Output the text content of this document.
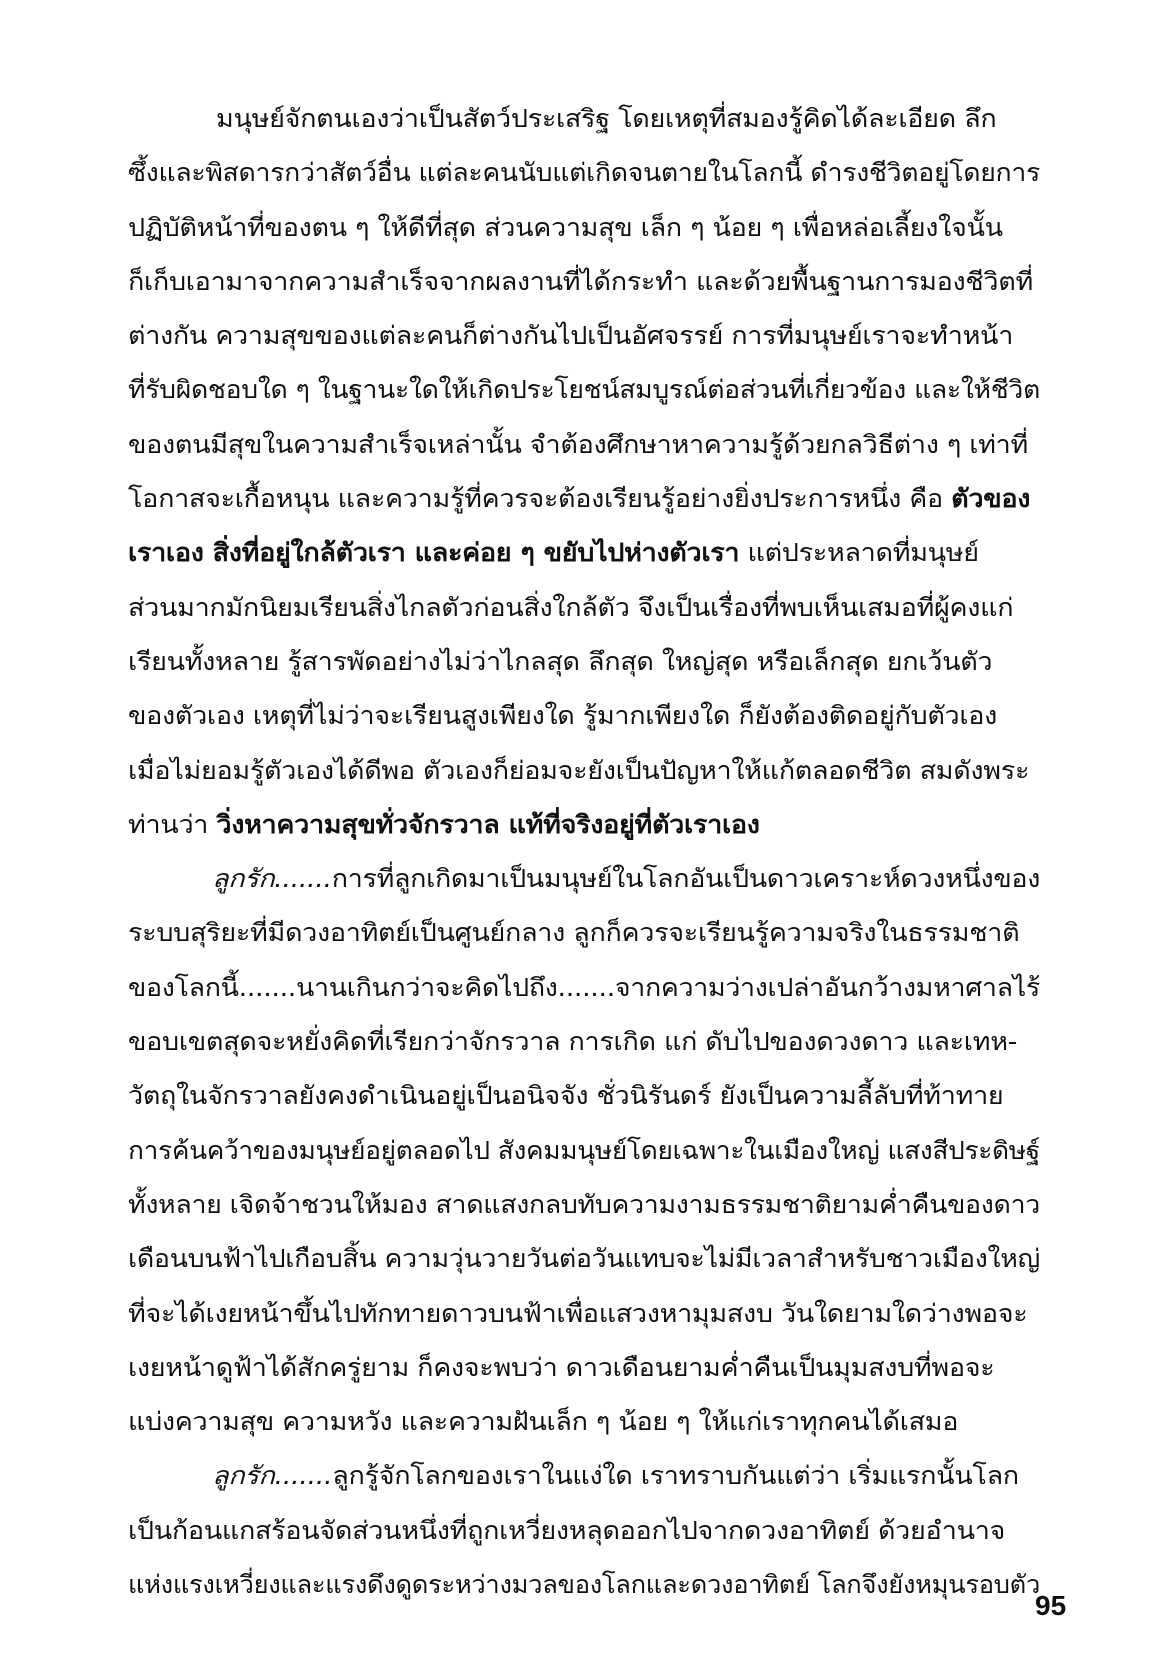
มนุษย์จักตนเองว่าเป็นสัตว์ประเสริฐ โดยเหตุที่สมองรู้คิดได้ละเอียด ลึก
ซึ้งและพิสดารกว่าสัตว์อื่น แต่ละคนนับแต่เกิดจนตายในโลกนี้ ดำรงชีวิตอยู่โดยการ
ปฏิบัติหน้าที่ของตน ๆ ให้ดีที่สุด ส่วนความสุข เล็ก ๆ น้อย ๆ เพื่อหล่อเลี้ยงใจนั้น
ก็เก็บเอามาจากความสำเร็จจากผลงานที่ได้กระทำ และด้วยพื้นฐานการมองชีวิตที่
ต่างกัน ความสุขของแต่ละคนก็ต่างกันไปเป็นอัศจรรย์ การที่มนุษย์เราจะทำหน้า
ที่รับผิดชอบใด ๆ ในฐานะใดให้เกิดประโยชน์สมบูรณ์ต่อส่วนที่เกี่ยวข้อง และให้ชีวิต
ของตนมีสุขในความสำเร็จเหล่านั้น จำต้องศึกษาหาความรู้ด้วยกลวิธีต่าง ๆ เท่าที่
โอกาสจะเกื้อหนุน และความรู้ที่ควรจะต้องเรียนรู้อย่างยิ่งประการหนึ่ง คือ ตัวของ
เราเอง สิ่งที่อยู่ใกล้ตัวเรา และค่อย ๆ ขยับไปห่างตัวเรา แต่ประหลาดที่มนุษย์
ส่วนมากมักนิยมเรียนสิ่งไกลตัวก่อนสิ่งใกล้ตัว จึงเป็นเรื่องที่พบเห็นเสมอที่ผู้คงแก่
เรียนทั้งหลาย รู้สารพัดอย่างไม่ว่าไกลสุด ลึกสุด ใหญ่สุด หรือเล็กสุด ยกเว้นตัว
ของตัวเอง เหตุที่ไม่ว่าจะเรียนสูงเพียงใด รู้มากเพียงใด ก็ยังต้องติดอยู่กับตัวเอง
เมื่อไม่ยอมรู้ตัวเองได้ดีพอ ตัวเองก็ย่อมจะยังเป็นปัญหาให้แก้ตลอดชีวิต สมดังพระ
ท่านว่า วิ่งหาความสุขทั่วจักรวาล แท้ที่จริงอยู่ที่ตัวเราเอง
ลูกรัก.......การที่ลูกเกิดมาเป็นมนุษย์ในโลกอันเป็นดาวเคราะห์ดวงหนึ่งของ
ระบบสุริยะที่มีดวงอาทิตย์เป็นศูนย์กลาง ลูกก็ควรจะเรียนรู้ความจริงในธรรมชาติ
ของโลกนี้.......นานเกินกว่าจะคิดไปถึง.......จากความว่างเปล่าอันกว้างมหาศาลไร้
ขอบเขตสุดจะหยั่งคิดที่เรียกว่าจักรวาล การเกิด แก่ ดับไปของดวงดาว และเทห-
วัตถุในจักรวาลยังคงดำเนินอยู่เป็นอนิจจัง ชั่วนิรันดร์ ยังเป็นความลี้ลับที่ท้าทาย
การค้นคว้าของมนุษย์อยู่ตลอดไป สังคมมนุษย์โดยเฉพาะในเมืองใหญ่ แสงสีประดิษฐ์
ทั้งหลาย เจิดจ้าชวนให้มอง สาดแสงกลบทับความงามธรรมชาติยามค่ำคืนของดาว
เดือนบนฟ้าไปเกือบสิ้น ความวุ่นวายวันต่อวันแทบจะไม่มีเวลาสำหรับชาวเมืองใหญ่
ที่จะได้เงยหน้าขึ้นไปทักทายดาวบนฟ้าเพื่อแสวงหามุมสงบ วันใดยามใดว่างพอจะ
เงยหน้าดูฟ้าได้สักครู่ยาม ก็คงจะพบว่า ดาวเดือนยามค่ำคืนเป็นมุมสงบที่พอจะ
แบ่งความสุข ความหวัง และความฝันเล็ก ๆ น้อย ๆ ให้แก่เราทุกคนได้เสมอ
ลูกรัก.......ลูกรู้จักโลกของเราในแง่ใด เราทราบกันแต่ว่า เริ่มแรกนั้นโลก
เป็นก้อนแกสร้อนจัดส่วนหนึ่งที่ถูกเหวี่ยงหลุดออกไปจากดวงอาทิตย์ ด้วยอำนาจ
แห่งแรงเหวี่ยงและแรงดึงดูดระหว่างมวลของโลกและดวงอาทิตย์ โลกจึงยังหมุนรอบตัว
95
